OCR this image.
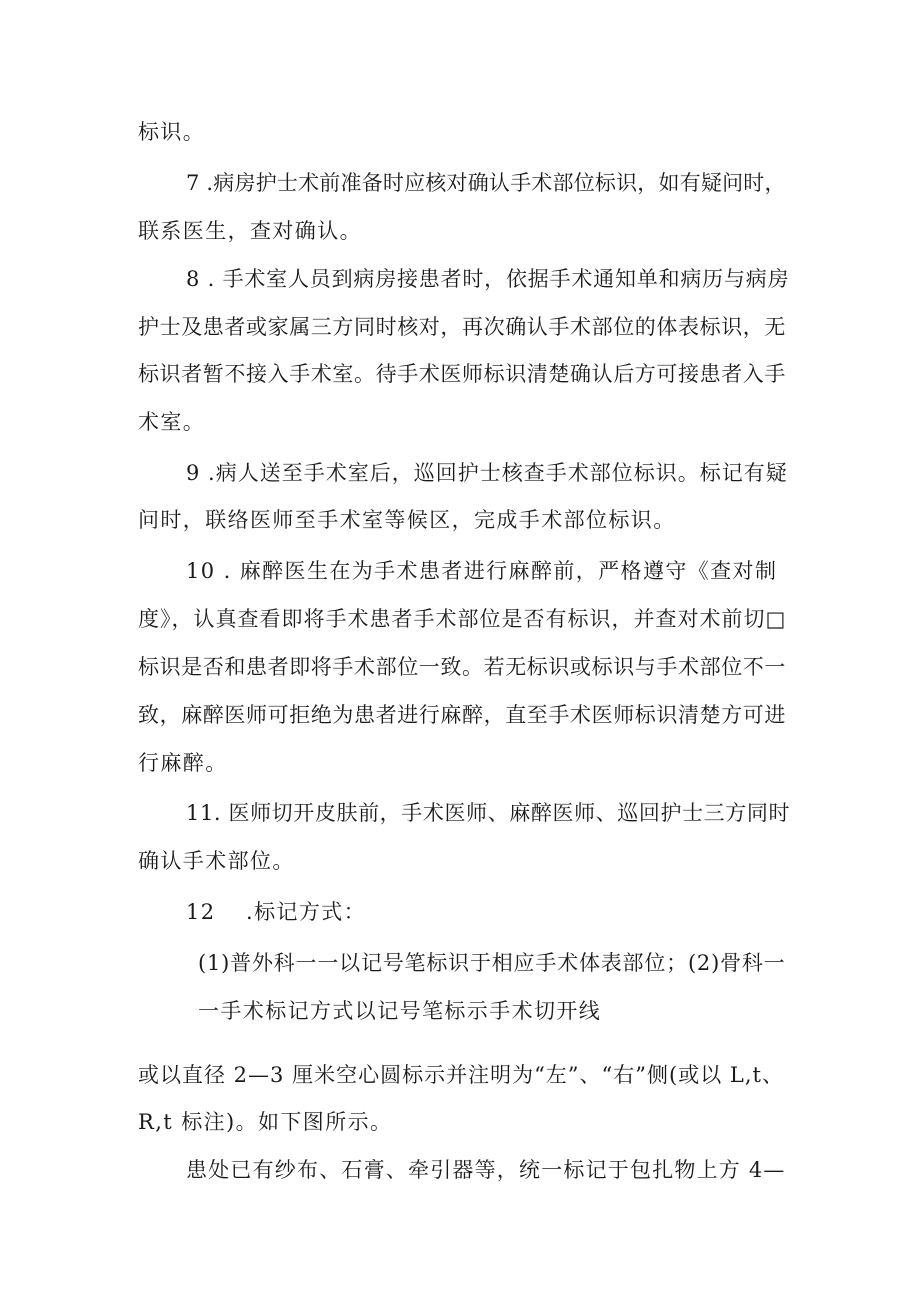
标识。
7 .病房护士术前准备时应核对确认手术部位标识，如有疑问时，
联系医生，查对确认。
8 . 手术室人员到病房接患者时，依据手术通知单和病历与病房
护士及患者或家属三方同时核对，再次确认手术部位的体表标识，无
标识者暂不接入手术室。待手术医师标识清楚确认后方可接患者入手
术室。
9 .病人送至手术室后，巡回护士核查手术部位标识。标记有疑
问时，联络医师至手术室等候区，完成手术部位标识。
10 . 麻醉医生在为手术患者进行麻醉前，严格遵守《查对制
度》，认真查看即将手术患者手术部位是否有标识，并查对术前切□
标识是否和患者即将手术部位一致。若无标识或标识与手术部位不一
致，麻醉医师可拒绝为患者进行麻醉，直至手术医师标识清楚方可进
行麻醉。
11. 医师切开皮肤前，手术医师、麻醉医师、巡回护士三方同时
确认手术部位。
12　 .标记方式：
(1)普外科一一以记号笔标识于相应手术体表部位；(2)骨科一
一手术标记方式以记号笔标示手术切开线
或以直径 2—3 厘米空心圆标示并注明为“左”、“右”侧(或以 L,t、
R,t 标注)。如下图所示。
患处已有纱布、石膏、牵引器等，统一标记于包扎物上方 4—
